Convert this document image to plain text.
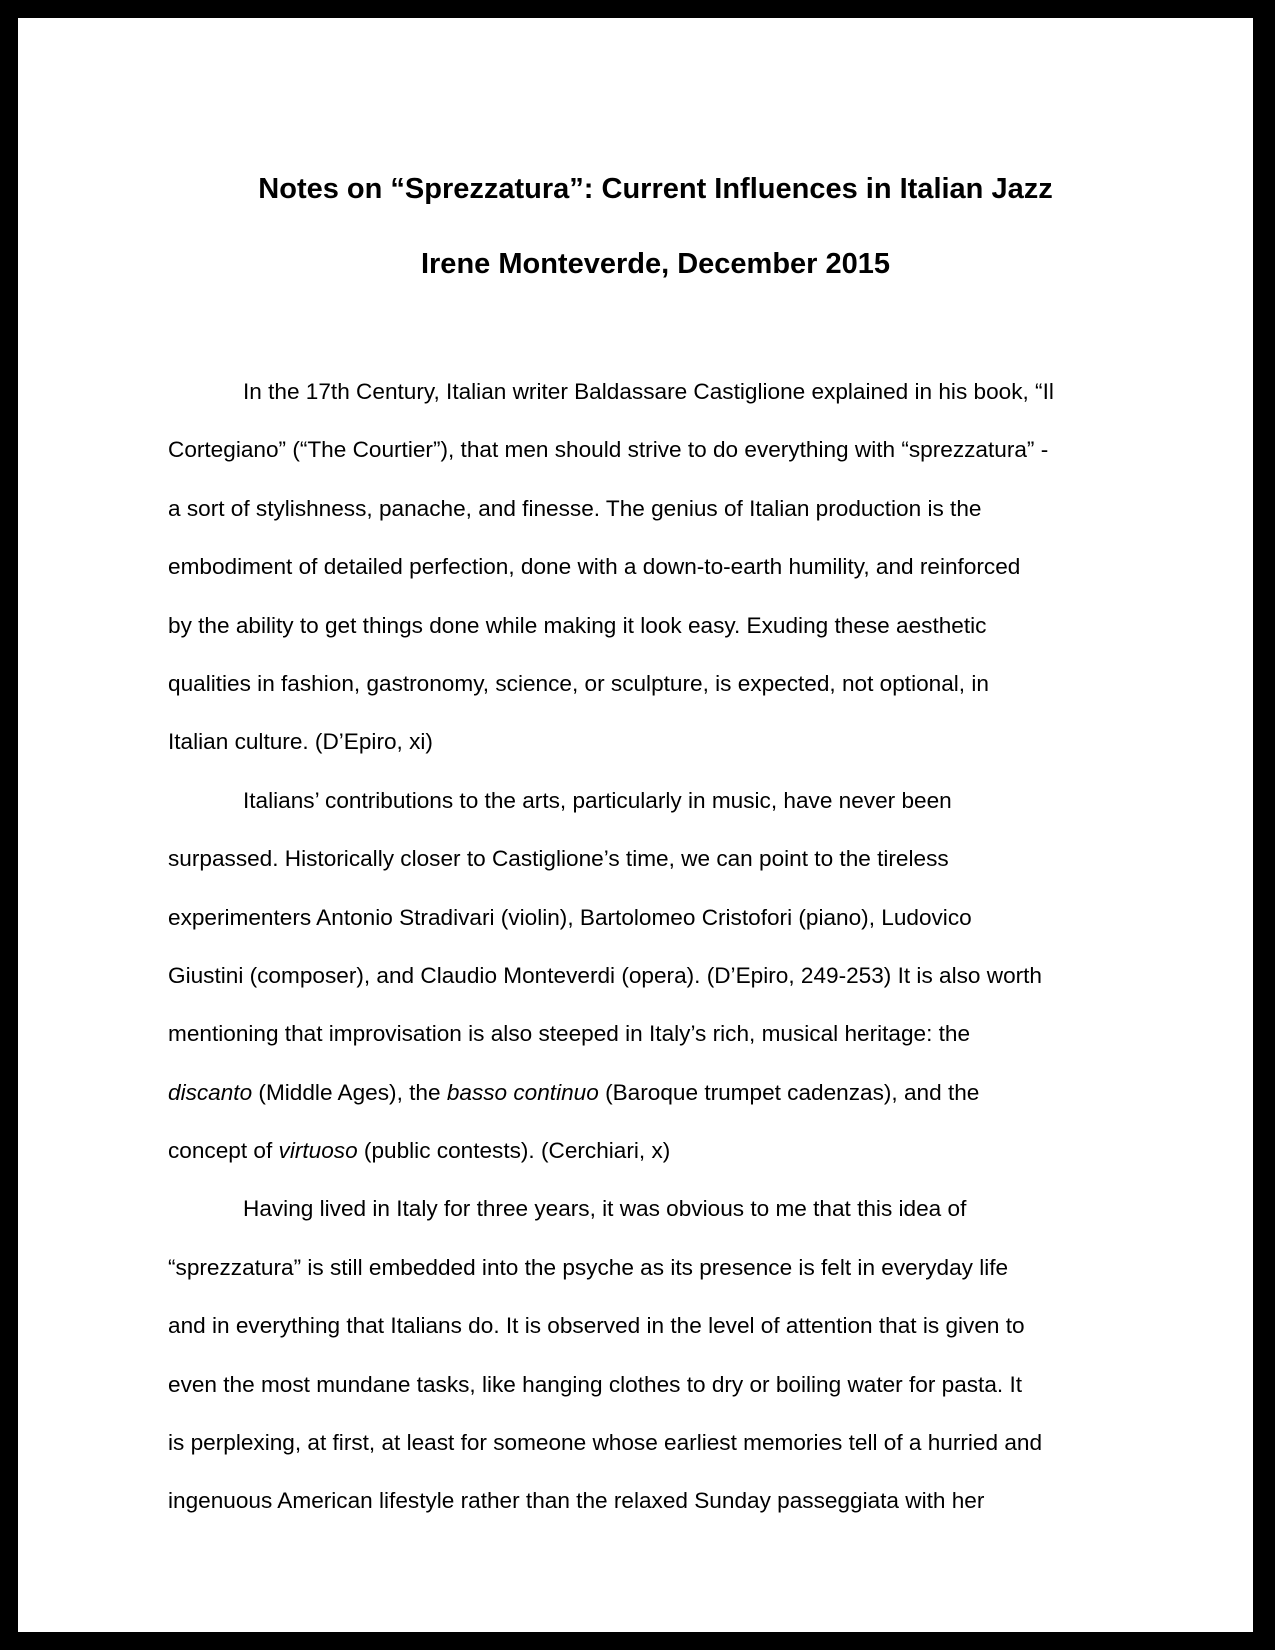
Notes on “Sprezzatura”: Current Influences in Italian Jazz
Irene Monteverde, December 2015
In the 17th Century, Italian writer Baldassare Castiglione explained in his book, “Il
Cortegiano” (“The Courtier”), that men should strive to do everything with “sprezzatura” -
a sort of stylishness, panache, and finesse. The genius of Italian production is the
embodiment of detailed perfection, done with a down-to-earth humility, and reinforced
by the ability to get things done while making it look easy. Exuding these aesthetic
qualities in fashion, gastronomy, science, or sculpture, is expected, not optional, in
Italian culture. (D’Epiro, xi)
Italians’ contributions to the arts, particularly in music, have never been
surpassed. Historically closer to Castiglione’s time, we can point to the tireless
experimenters Antonio Stradivari (violin), Bartolomeo Cristofori (piano), Ludovico
Giustini (composer), and Claudio Monteverdi (opera). (D’Epiro, 249-253) It is also worth
mentioning that improvisation is also steeped in Italy’s rich, musical heritage: the
discanto (Middle Ages), the basso continuo (Baroque trumpet cadenzas), and the
concept of virtuoso (public contests). (Cerchiari, x)
Having lived in Italy for three years, it was obvious to me that this idea of
“sprezzatura” is still embedded into the psyche as its presence is felt in everyday life
and in everything that Italians do. It is observed in the level of attention that is given to
even the most mundane tasks, like hanging clothes to dry or boiling water for pasta. It
is perplexing, at first, at least for someone whose earliest memories tell of a hurried and
ingenuous American lifestyle rather than the relaxed Sunday passeggiata with her
